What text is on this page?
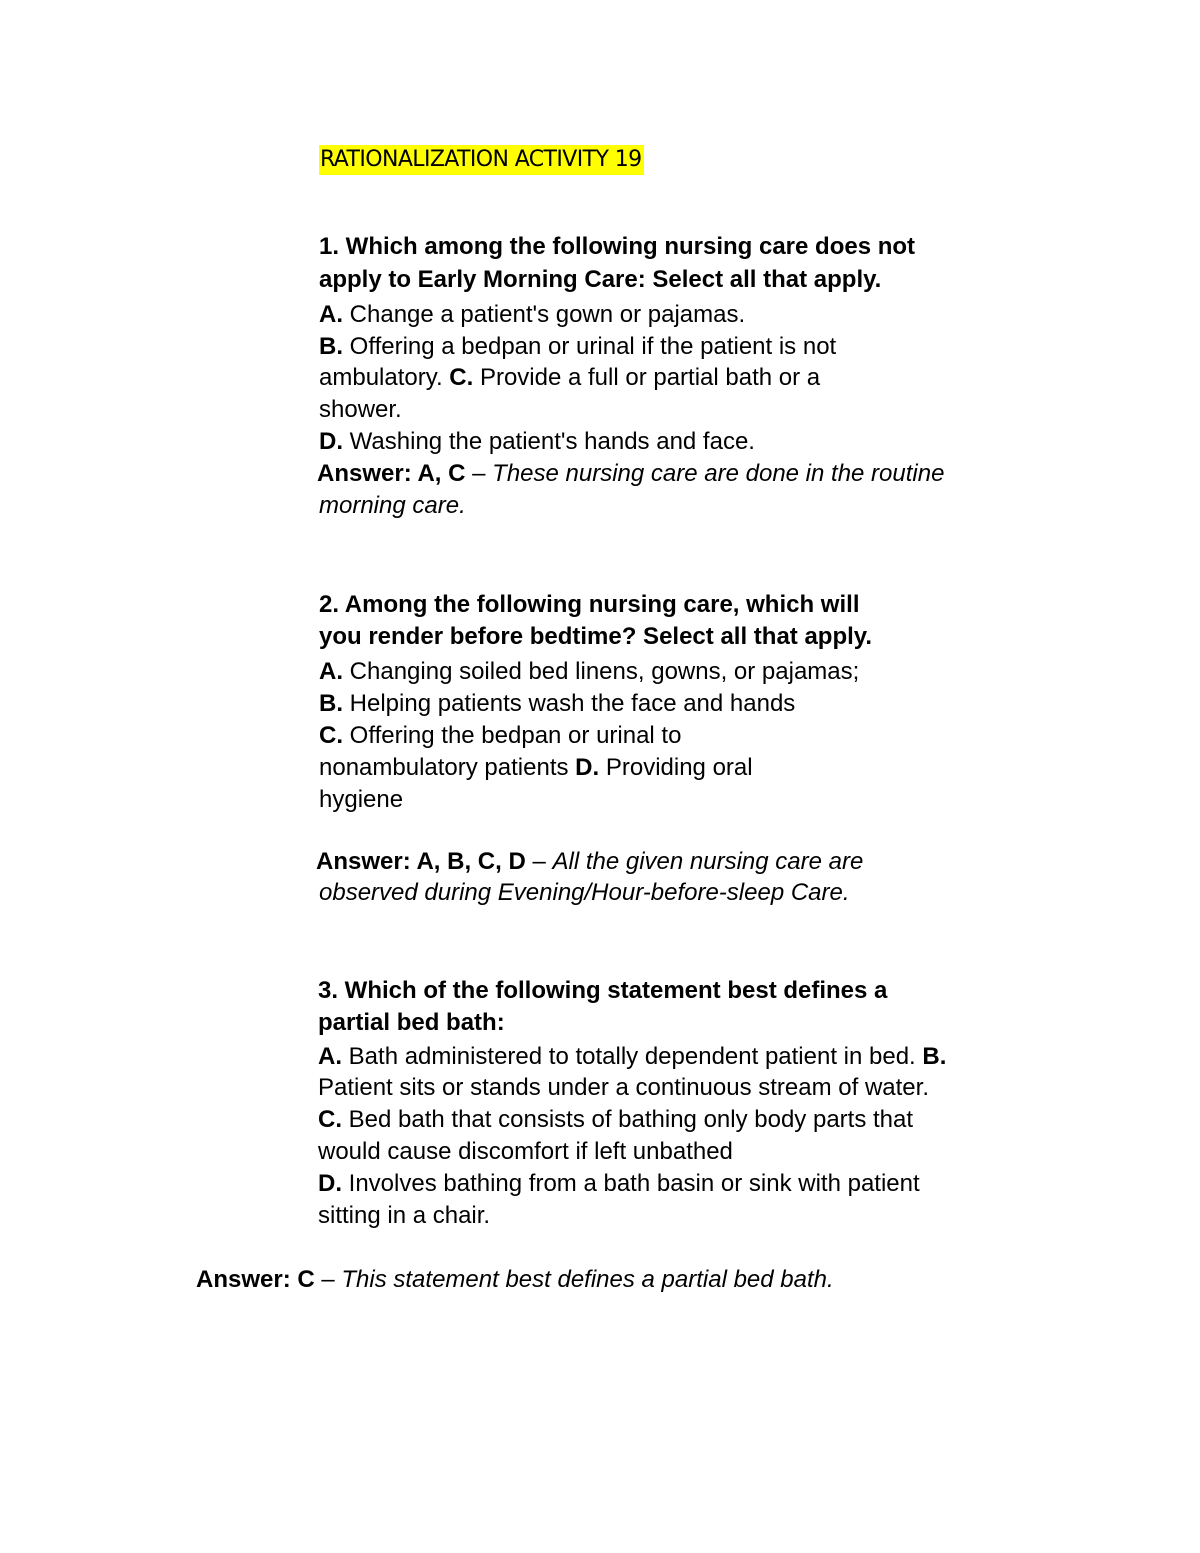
RATIONALIZATION ACTIVITY 19
1. Which among the following nursing care does not
apply to Early Morning Care: Select all that apply.
A. Change a patient's gown or pajamas.
B. Offering a bedpan or urinal if the patient is not
ambulatory. C. Provide a full or partial bath or a
shower.
D. Washing the patient's hands and face.
Answer: A, C – These nursing care are done in the routine
morning care.
2. Among the following nursing care, which will
you render before bedtime? Select all that apply.
A. Changing soiled bed linens, gowns, or pajamas;
B. Helping patients wash the face and hands
C. Offering the bedpan or urinal to
nonambulatory patients D. Providing oral
hygiene
Answer: A, B, C, D – All the given nursing care are
observed during Evening/Hour-before-sleep Care.
3. Which of the following statement best defines a
partial bed bath:
A. Bath administered to totally dependent patient in bed. B.
Patient sits or stands under a continuous stream of water.
C. Bed bath that consists of bathing only body parts that
would cause discomfort if left unbathed
D. Involves bathing from a bath basin or sink with patient
sitting in a chair.
Answer: C – This statement best defines a partial bed bath.
